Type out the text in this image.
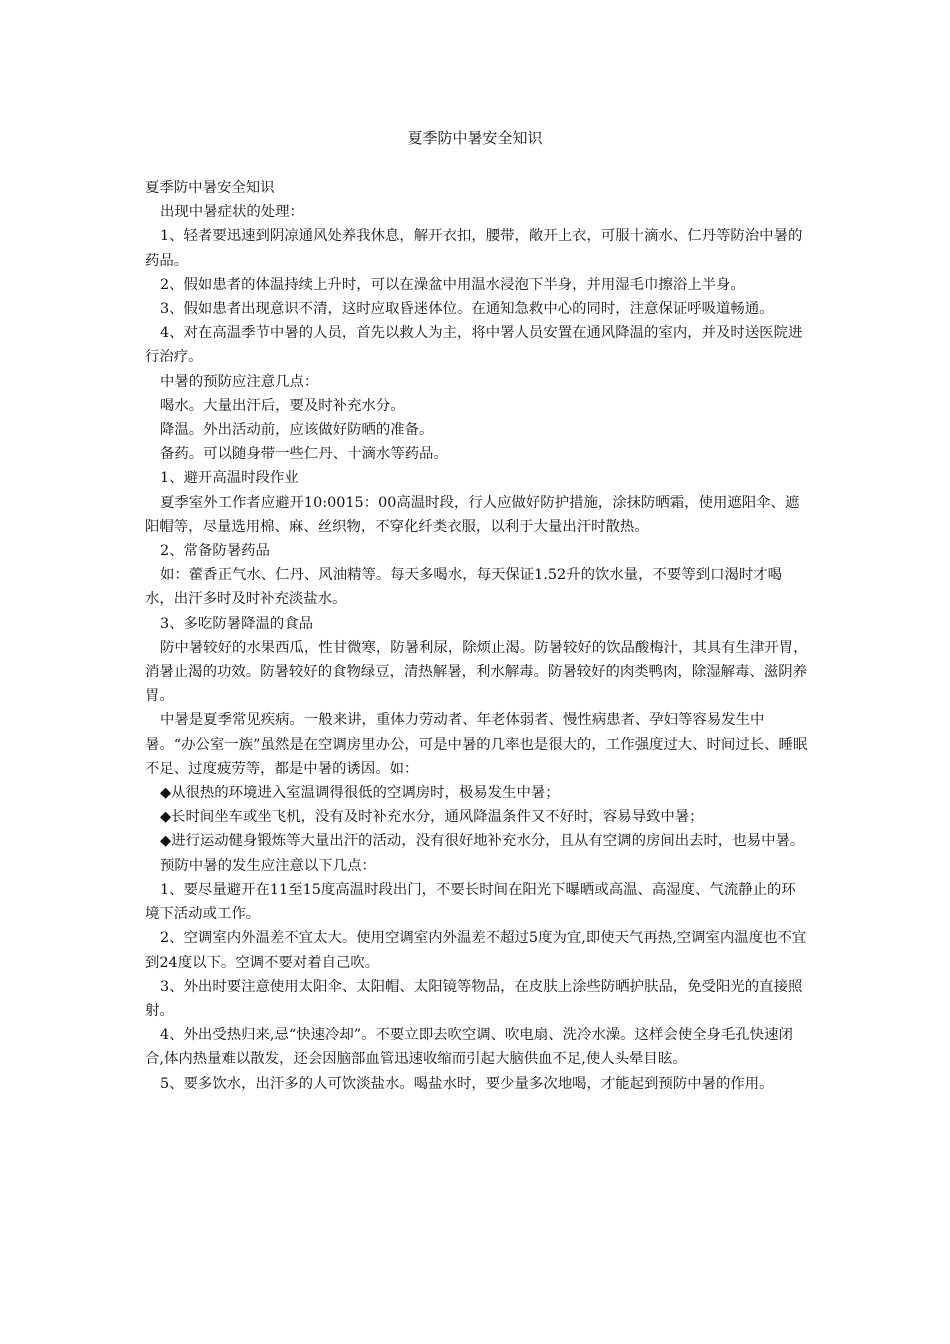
夏季防中暑安全知识

夏季防中暑安全知识

出现中暑症状的处理：

1、轻者要迅速到阴凉通风处养我休息，解开衣扣，腰带，敞开上衣，可服十滴水、仁丹等防治中暑的药品。

2、假如患者的体温持续上升时，可以在澡盆中用温水浸泡下半身，并用湿毛巾擦浴上半身。

3、假如患者出现意识不清，这时应取昏迷体位。在通知急救中心的同时，注意保证呼吸道畅通。

4、对在高温季节中暑的人员，首先以救人为主，将中署人员安置在通风降温的室内，并及时送医院进行治疗。

中暑的预防应注意几点：

喝水。大量出汗后，要及时补充水分。

降温。外出活动前，应该做好防晒的准备。

备药。可以随身带一些仁丹、十滴水等药品。

1、避开高温时段作业

夏季室外工作者应避开10:0015：00高温时段，行人应做好防护措施，涂抹防晒霜，使用遮阳伞、遮阳帽等，尽量选用棉、麻、丝织物，不穿化纤类衣服，以利于大量出汗时散热。

2、常备防暑药品

如：藿香正气水、仁丹、风油精等。每天多喝水，每天保证1.52升的饮水量，不要等到口渴时才喝水，出汗多时及时补充淡盐水。

3、多吃防暑降温的食品

防中暑较好的水果西瓜，性甘微寒，防暑利尿，除烦止渴。防暑较好的饮品酸梅汁，其具有生津开胃，消暑止渴的功效。防暑较好的食物绿豆，清热解暑，利水解毒。防暑较好的肉类鸭肉，除湿解毒、滋阴养胃。

中暑是夏季常见疾病。一般来讲，重体力劳动者、年老体弱者、慢性病患者、孕妇等容易发生中暑。“办公室一族”虽然是在空调房里办公，可是中暑的几率也是很大的，工作强度过大、时间过长、睡眠不足、过度疲劳等，都是中暑的诱因。如：

◆从很热的环境进入室温调得很低的空调房时，极易发生中暑；

◆长时间坐车或坐飞机，没有及时补充水分，通风降温条件又不好时，容易导致中暑；

◆进行运动健身锻炼等大量出汗的活动，没有很好地补充水分，且从有空调的房间出去时，也易中暑。

预防中暑的发生应注意以下几点：

1、要尽量避开在11至15度高温时段出门，不要长时间在阳光下曝晒或高温、高湿度、气流静止的环境下活动或工作。

2、空调室内外温差不宜太大。使用空调室内外温差不超过5度为宜,即使天气再热,空调室内温度也不宜到24度以下。空调不要对着自己吹。

3、外出时要注意使用太阳伞、太阳帽、太阳镜等物品，在皮肤上涂些防晒护肤品，免受阳光的直接照射。

4、外出受热归来,忌“快速冷却”。不要立即去吹空调、吹电扇、洗冷水澡。这样会使全身毛孔快速闭合,体内热量难以散发，还会因脑部血管迅速收缩而引起大脑供血不足,使人头晕目眩。

5、要多饮水，出汗多的人可饮淡盐水。喝盐水时，要少量多次地喝，才能起到预防中暑的作用。
